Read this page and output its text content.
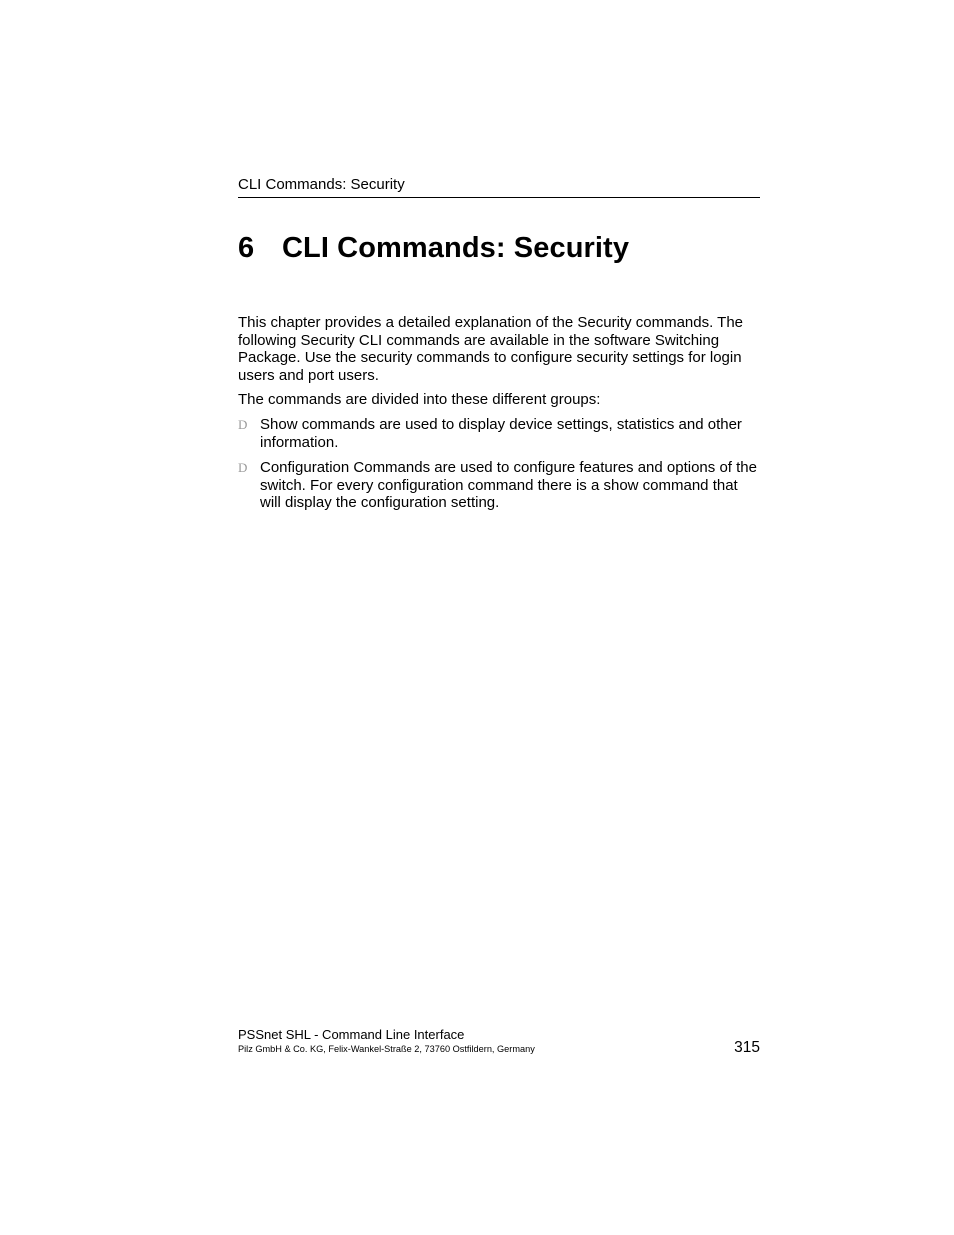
CLI Commands: Security
6 CLI Commands: Security

This chapter provides a detailed explanation of the Security commands. The following Security CLI commands are available in the software Switching Package. Use the security commands to configure security settings for login users and port users.

The commands are divided into these different groups:

D Show commands are used to display device settings, statistics and other information.
D Configuration Commands are used to configure features and options of the switch. For every configuration command there is a show command that will display the configuration setting.
PSSnet SHL - Command Line Interface
Pilz GmbH & Co. KG, Felix-Wankel-Straße 2, 73760 Ostfildern, Germany	315
